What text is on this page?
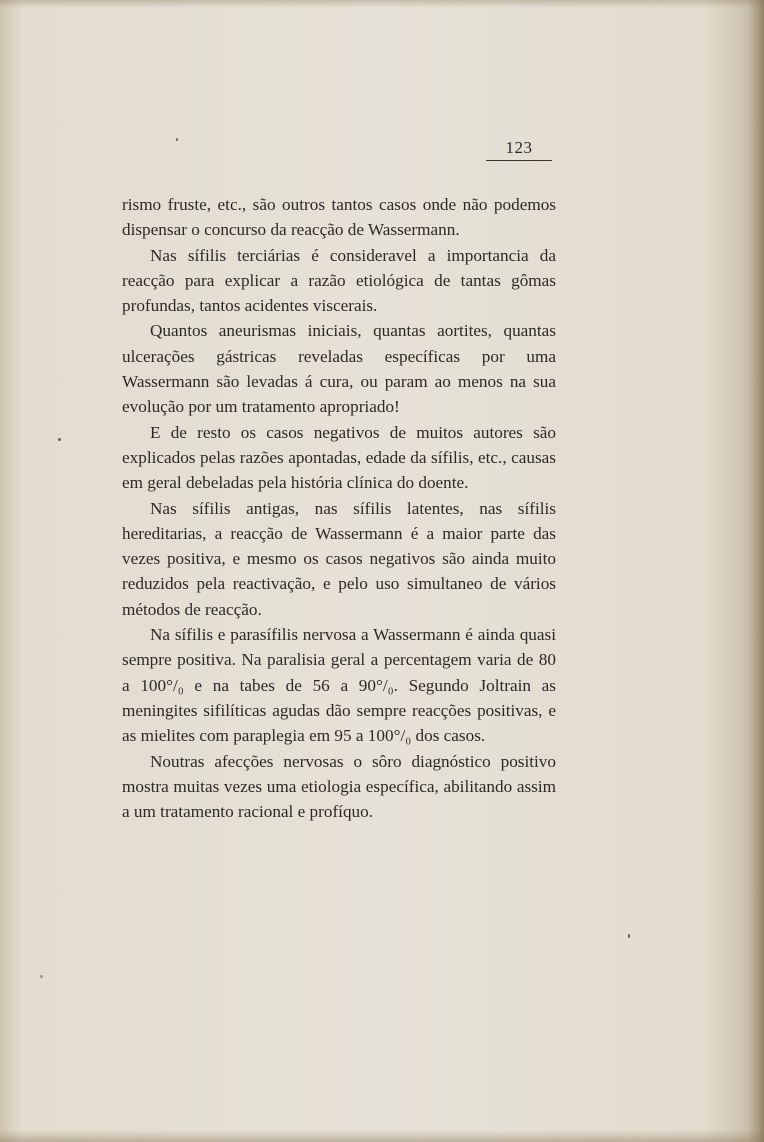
123

rismo fruste, etc., são outros tantos casos onde não podemos dispensar o concurso da reacção de Wassermann.

Nas sífilis terciárias é consideravel a importancia da reacção para explicar a razão etiológica de tantas gômas profundas, tantos acidentes viscerais.

Quantos aneurismas iniciais, quantas aortites, quantas ulcerações gástricas reveladas específicas por uma Wassermann são levadas á cura, ou param ao menos na sua evolução por um tratamento apropriado!

E de resto os casos negativos de muitos autores são explicados pelas razões apontadas, edade da sífilis, etc., causas em geral debeladas pela história clínica do doente.

Nas sífilis antigas, nas sífilis latentes, nas sífilis hereditarias, a reacção de Wassermann é a maior parte das vezes positiva, e mesmo os casos negativos são ainda muito reduzidos pela reactivação, e pelo uso simultaneo de vários métodos de reacção.

Na sífilis e parasífilis nervosa a Wassermann é ainda quasi sempre positiva. Na paralisia geral a percentagem varia de 80 a 100°/₀ e na tabes de 56 a 90°/₀. Segundo Joltrain as meningites sifilíticas agudas dão sempre reacções positivas, e as mielites com paraplegia em 95 a 100°/₀ dos casos.

Noutras afecções nervosas o sôro diagnóstico positivo mostra muitas vezes uma etiologia específica, abilitando assim a um tratamento racional e profíquo.
